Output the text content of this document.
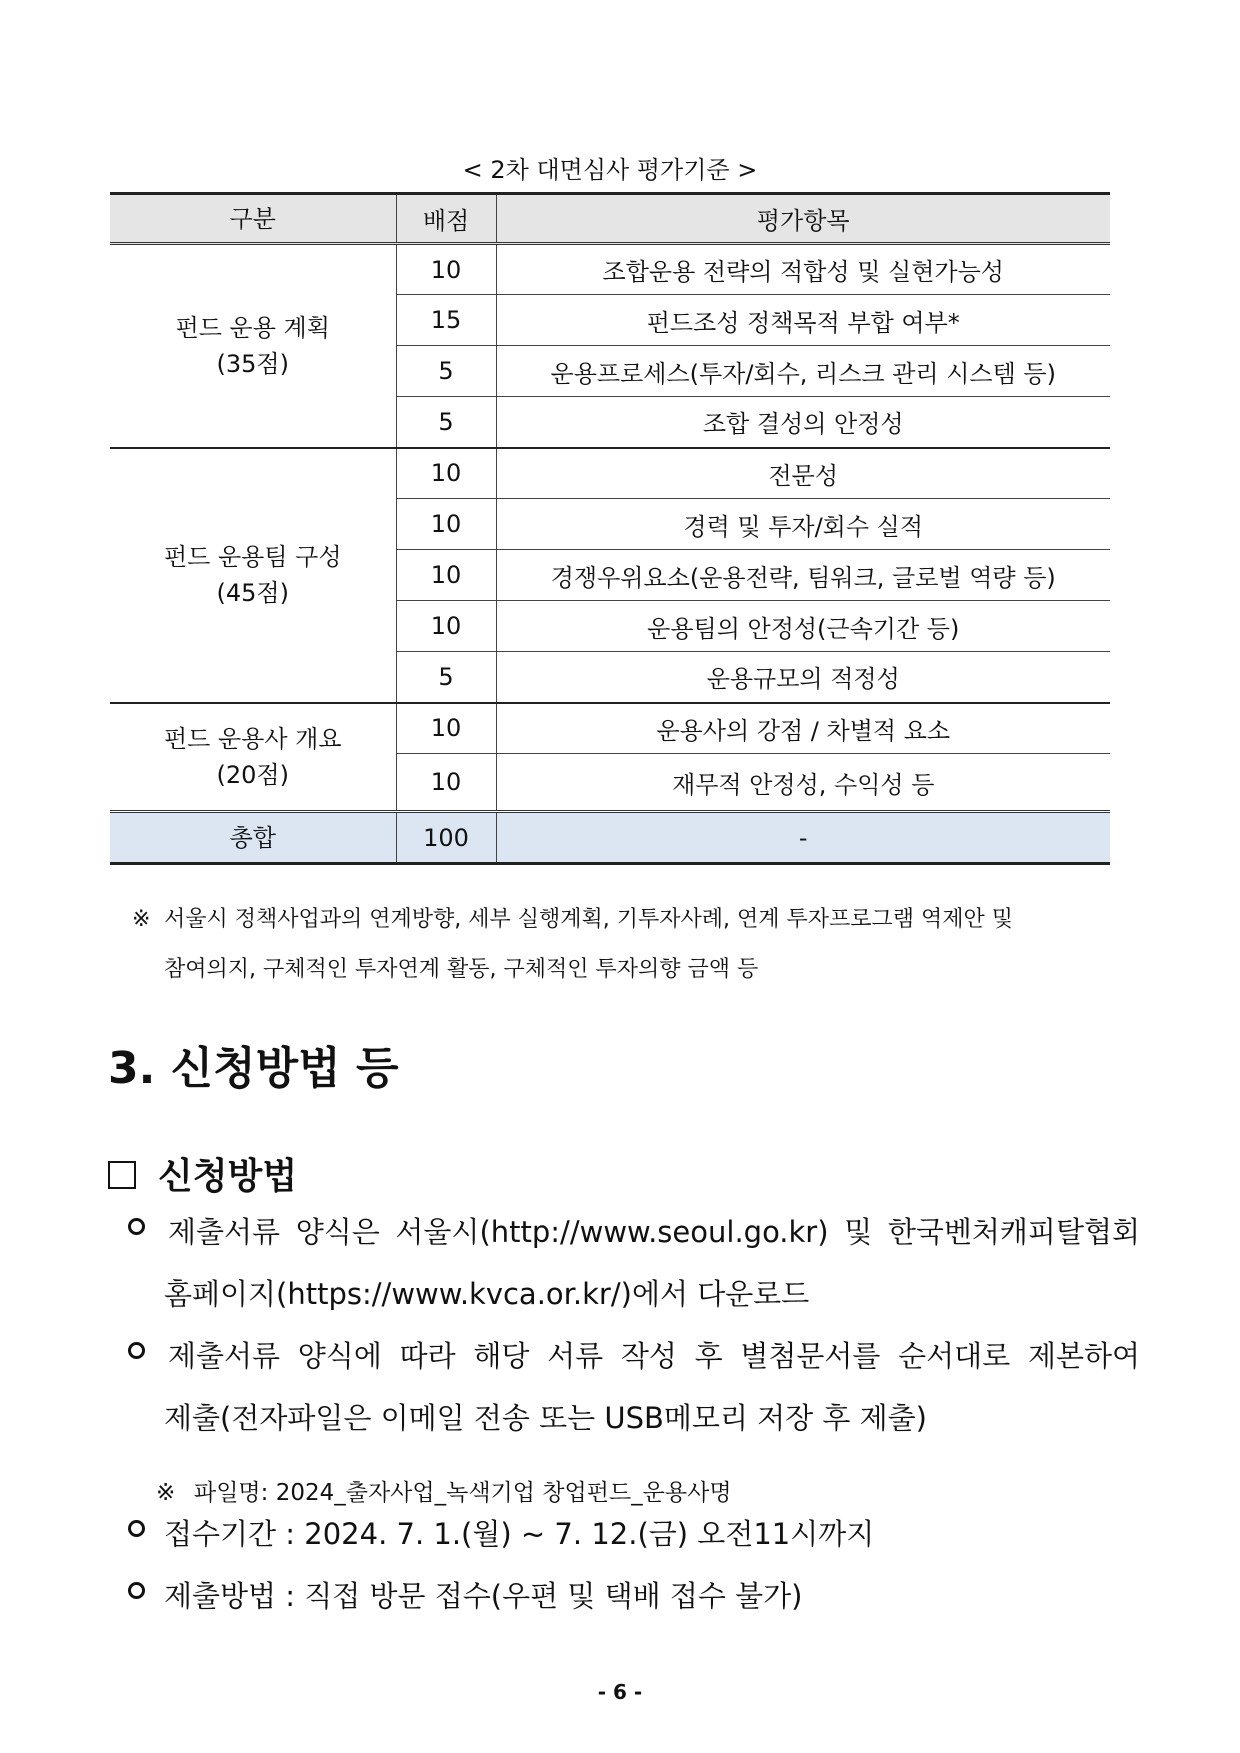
< 2차 대면심사 평가기준 >
구분	배점	평가항목

펀드 운용 계획
(35점)	10	조합운용 전략의 적합성 및 실현가능성
	15	펀드조성 정책목적 부합 여부*
	5	운용프로세스(투자/회수, 리스크 관리 시스템 등)
	5	조합 결성의 안정성

펀드 운용팀 구성
(45점)	10	전문성
	10	경력 및 투자/회수 실적
	10	경쟁우위요소(운용전략, 팀워크, 글로벌 역량 등)
	10	운용팀의 안정성(근속기간 등)
	5	운용규모의 적정성

펀드 운용사 개요
(20점)	10	운용사의 강점 / 차별적 요소
	10	재무적 안정성, 수익성 등
총합	100	-
※ 서울시 정책사업과의 연계방향, 세부 실행계획, 기투자사례, 연계 투자프로그램 역제안 및
참여의지, 구체적인 투자연계 활동, 구체적인 투자의향 금액 등
3. 신청방법 등
신청방법
제출서류 양식은 서울시(http://www.seoul.go.kr) 및 한국벤처캐피탈협회
홈페이지(https://www.kvca.or.kr/)에서 다운로드
제출서류 양식에 따라 해당 서류 작성 후 별첨문서를 순서대로 제본하여
제출(전자파일은 이메일 전송 또는 USB메모리 저장 후 제출)
※ 파일명: 2024_출자사업_녹색기업 창업펀드_운용사명
접수기간 : 2024. 7. 1.(월) ~ 7. 12.(금) 오전11시까지
제출방법 : 직접 방문 접수(우편 및 택배 접수 불가)
- 6 -
